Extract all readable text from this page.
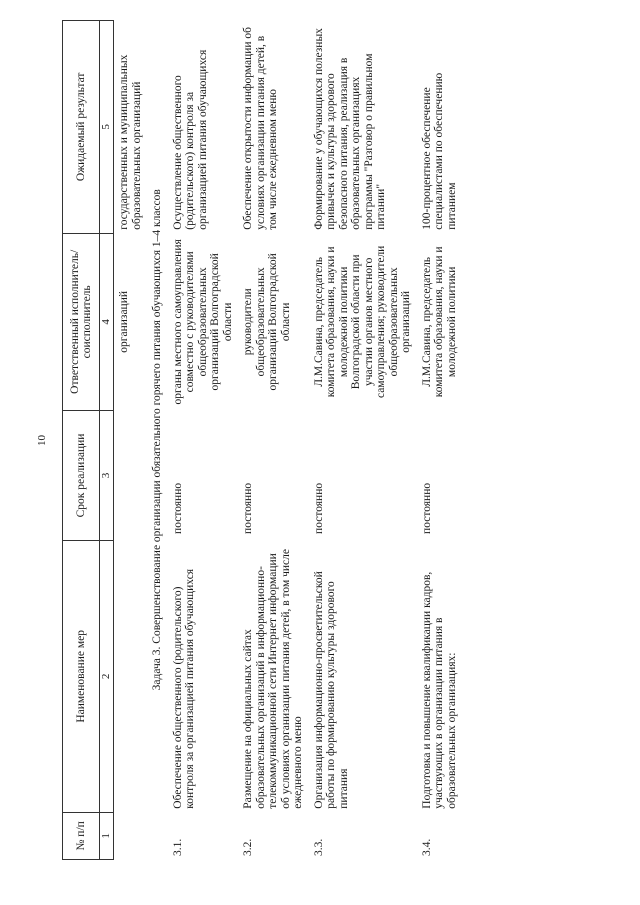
10
№ п/п	Наименование мер	Срок реализации	Ответственный исполнитель/соисполнитель	Ожидаемый результат
1	2	3	4	5
			организаций	государственных и муниципальных образовательных организаций
Задача 3. Совершенствование организации обязательного горячего питания обучающихся 1–4 классов				
3.1.	Обеспечение общественного (родительского) контроля за организацией питания обучающихся	постоянно	органы местного самоуправления совместно с руководителями общеобразовательных организаций Волгоградской области	Осуществление общественного (родительского) контроля за организацией питания обучающихся
3.2.	Размещение на официальных сайтах образовательных организаций в информационно-телекоммуникационной сети Интернет информации об условиях организации питания детей, в том числе ежедневного меню	постоянно	руководители общеобразовательных организаций Волгоградской области	Обеспечение открытости информации об условиях организации питания детей, в том числе ежедневном меню
3.3.	Организация информационно-просветительской работы по формированию культуры здорового питания	постоянно	Л.М.Савина, председатель комитета образования, науки и молодежной политики Волгоградской области при участии органов местного самоуправления; руководители общеобразовательных организаций	Формирование у обучающихся полезных привычек и культуры здорового безопасного питания, реализация в образовательных организациях программы "Разговор о правильном питании"
3.4.	Подготовка и повышение квалификации кадров, участвующих в организации питания в образовательных организациях:	постоянно	Л.М.Савина, председатель комитета образования, науки и молодежной политики	100-процентное обеспечение специалистами по обеспечению питанием
